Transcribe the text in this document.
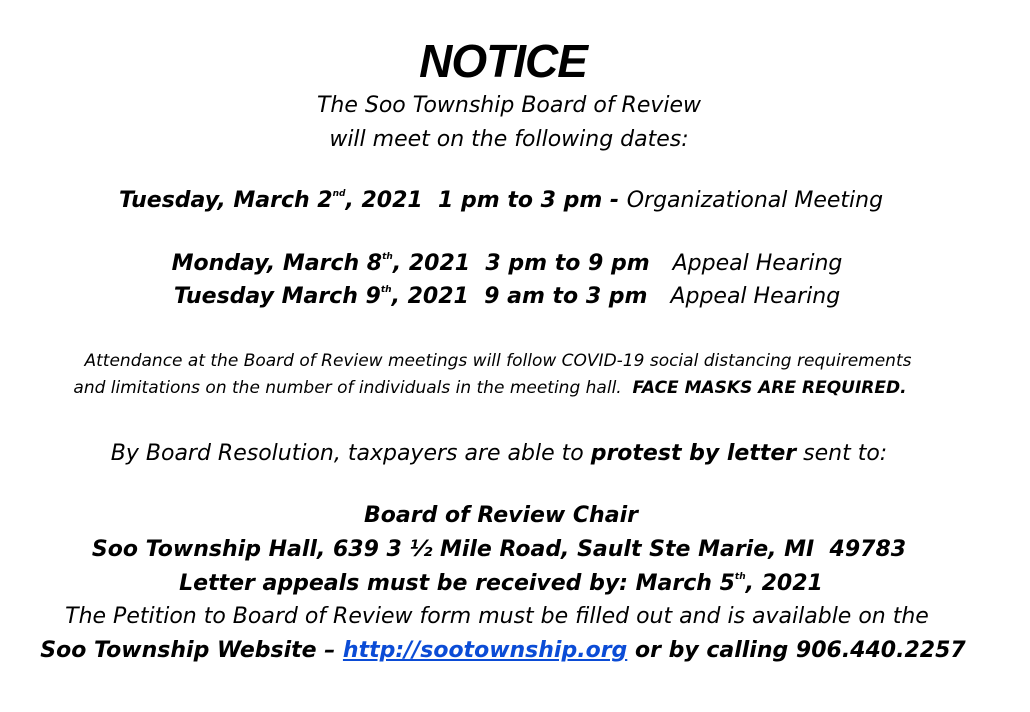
NOTICE
The Soo Township Board of Review
will meet on the following dates:
Tuesday, March 2nd, 2021  1 pm to 3 pm - Organizational Meeting
Monday, March 8th, 2021  3 pm to 9 pm   Appeal Hearing
Tuesday March 9th, 2021  9 am to 3 pm   Appeal Hearing
Attendance at the Board of Review meetings will follow COVID-19 social distancing requirements
and limitations on the number of individuals in the meeting hall.  FACE MASKS ARE REQUIRED.
By Board Resolution, taxpayers are able to protest by letter sent to:
Board of Review Chair
Soo Township Hall, 639 3 ½ Mile Road, Sault Ste Marie, MI  49783
Letter appeals must be received by: March 5th, 2021
The Petition to Board of Review form must be filled out and is available on the
Soo Township Website – http://sootownship.org or by calling 906.440.2257
